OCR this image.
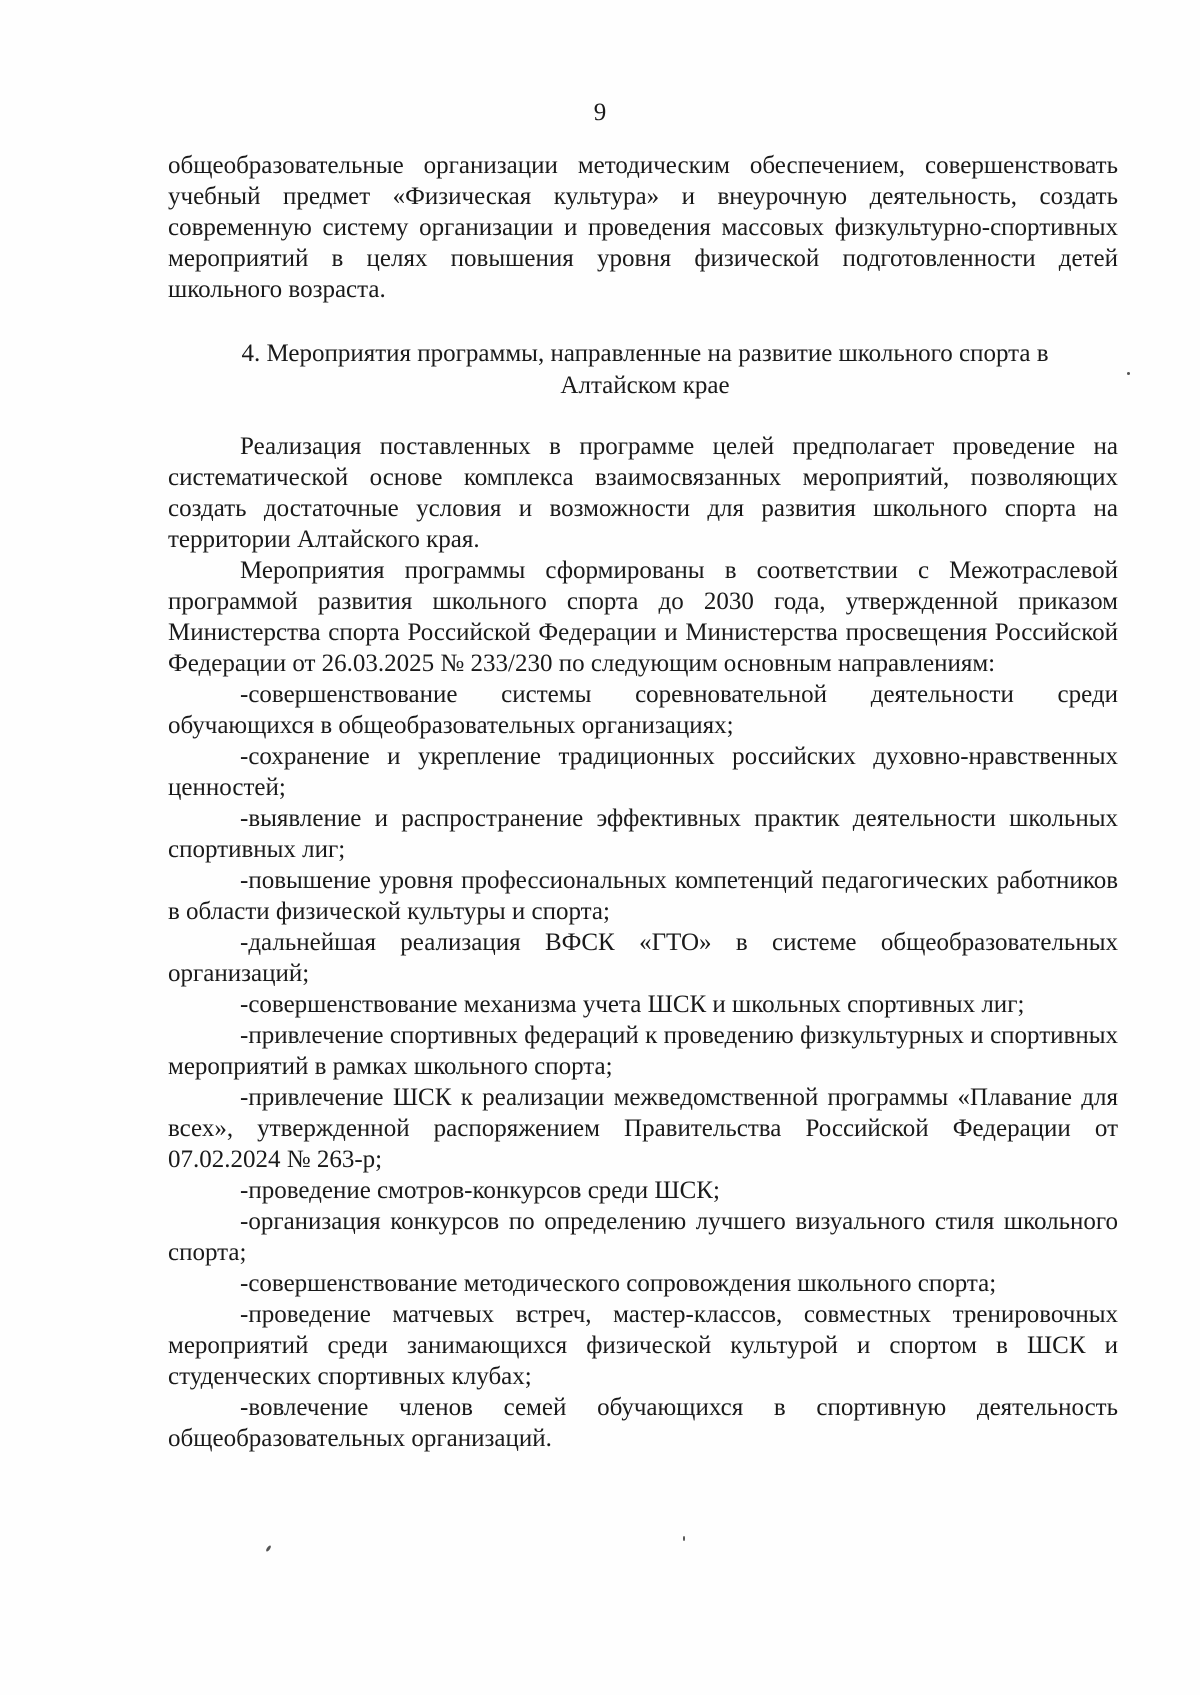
9

общеобразовательные организации методическим обеспечением, совершенствовать учебный предмет «Физическая культура» и внеурочную деятельность, создать современную систему организации и проведения массовых физкультурно-спортивных мероприятий в целях повышения уровня физической подготовленности детей школьного возраста.

4. Мероприятия программы, направленные на развитие школьного спорта в
Алтайском крае

Реализация поставленных в программе целей предполагает проведение на систематической основе комплекса взаимосвязанных мероприятий, позволяющих создать достаточные условия и возможности для развития школьного спорта на территории Алтайского края.

Мероприятия программы сформированы в соответствии с Межотраслевой программой развития школьного спорта до 2030 года, утвержденной приказом Министерства спорта Российской Федерации и Министерства просвещения Российской Федерации от 26.03.2025 № 233/230 по следующим основным направлениям:

-совершенствование системы соревновательной деятельности среди обучающихся в общеобразовательных организациях;

-сохранение и укрепление традиционных российских духовно-нравственных ценностей;

-выявление и распространение эффективных практик деятельности школьных спортивных лиг;

-повышение уровня профессиональных компетенций педагогических работников в области физической культуры и спорта;

-дальнейшая реализация ВФСК «ГТО» в системе общеобразовательных организаций;

-совершенствование механизма учета ШСК и школьных спортивных лиг;

-привлечение спортивных федераций к проведению физкультурных и спортивных мероприятий в рамках школьного спорта;

-привлечение ШСК к реализации межведомственной программы «Плавание для всех», утвержденной распоряжением Правительства Российской Федерации от 07.02.2024 № 263-р;

-проведение смотров-конкурсов среди ШСК;

-организация конкурсов по определению лучшего визуального стиля школьного спорта;

-совершенствование методического сопровождения школьного спорта;

-проведение матчевых встреч, мастер-классов, совместных тренировочных мероприятий среди занимающихся физической культурой и спортом в ШСК и студенческих спортивных клубах;

-вовлечение членов семей обучающихся в спортивную деятельность общеобразовательных организаций.
